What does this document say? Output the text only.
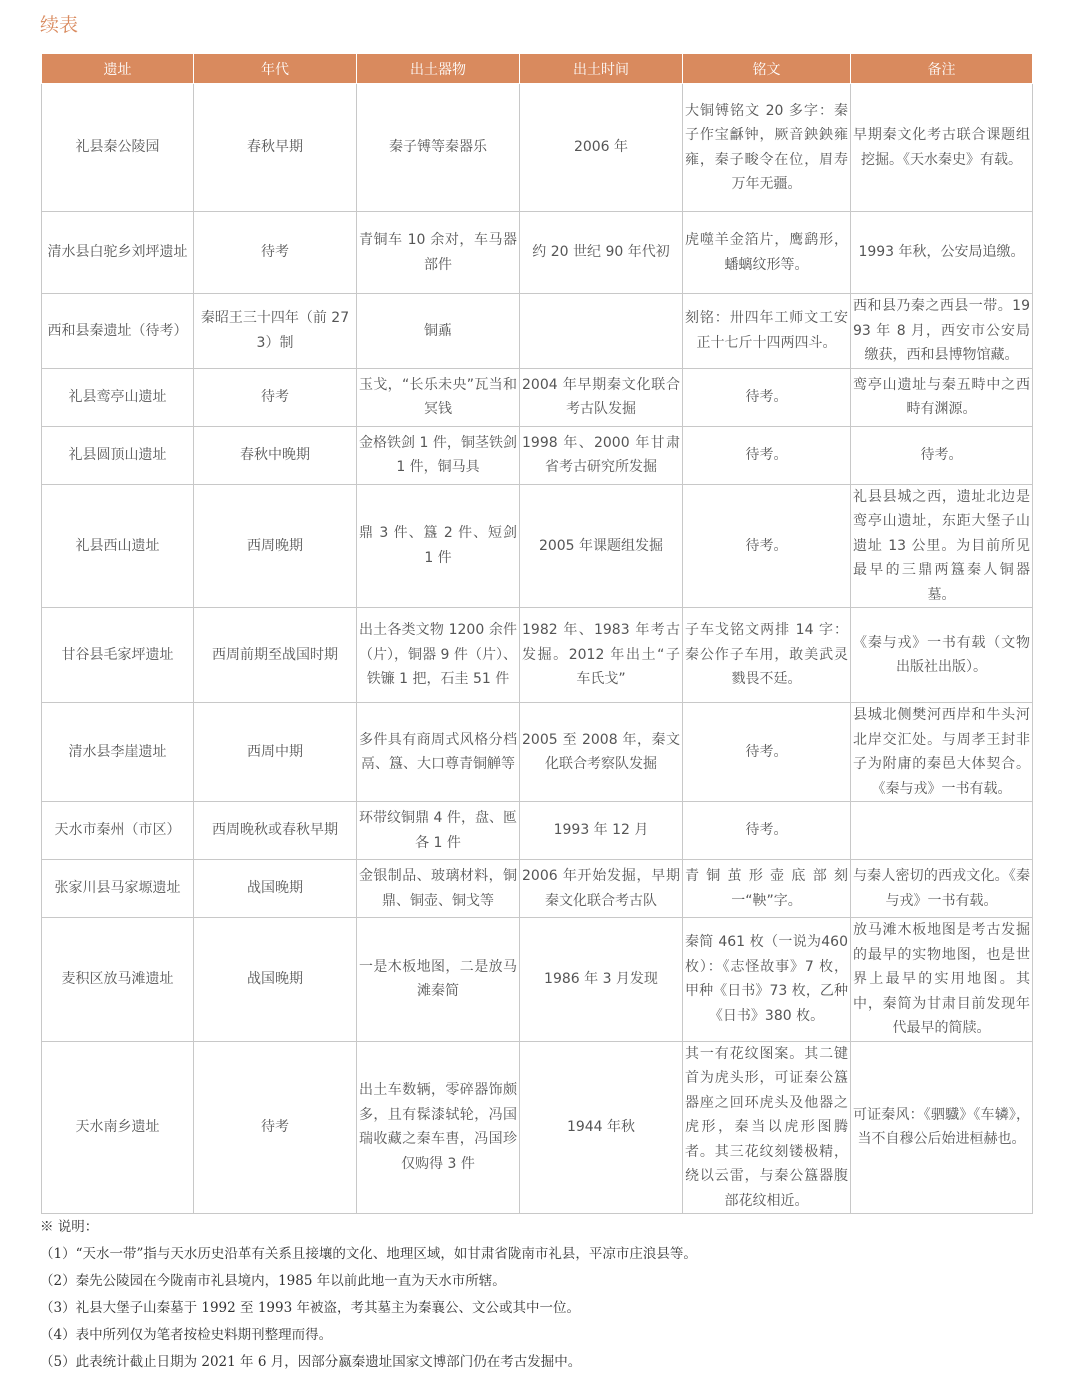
续表
遗址	年代	出土器物	出土时间	铭文	备注
礼县秦公陵园	春秋早期	秦子镈等秦器乐	2006 年	大铜镈铭文 20 多字：秦子作宝龢钟，厥音鉠鉠雍雍，秦子畯令在位，眉寿万年无疆。	早期秦文化考古联合课题组挖掘。《天水秦史》有载。
清水县白驼乡刘坪遗址	待考	青铜车 10 余对，车马器部件	约 20 世纪 90 年代初	虎噬羊金箔片，鹰鹞形，蟠螭纹形等。	1993 年秋，公安局追缴。
西和县秦遗址（待考）	秦昭王三十四年（前 273）制	铜鼒		刻铭：卅四年工师文工安正十七斤十四两四斗。	西和县乃秦之西县一带。1993 年 8 月，西安市公安局缴获，西和县博物馆藏。
礼县鸾亭山遗址	待考	玉戈，“长乐未央”瓦当和冥钱	2004 年早期秦文化联合考古队发掘	待考。	鸾亭山遗址与秦五畤中之西畤有渊源。
礼县圆顶山遗址	春秋中晚期	金格铁剑 1 件，铜茎铁剑 1 件，铜马具	1998 年、2000 年甘肃省考古研究所发掘	待考。	待考。
礼县西山遗址	西周晚期	鼎 3 件、簋 2 件、短剑 1 件	2005 年课题组发掘	待考。	礼县县城之西，遗址北边是鸾亭山遗址，东距大堡子山遗址 13 公里。为目前所见最早的三鼎两簋秦人铜器墓。
甘谷县毛家坪遗址	西周前期至战国时期	出土各类文物 1200 余件（片），铜器 9 件（片）、铁镰 1 把，石圭 51 件	1982 年、1983 年考古发掘。2012 年出土“子车氏戈”	子车戈铭文两排 14 字：秦公作子车用，敢美武灵戮畏不廷。	《秦与戎》一书有载（文物出版社出版）。
清水县李崖遗址	西周中期	多件具有商周式风格分档鬲、簋、大口尊青铜觯等	2005 至 2008 年，秦文化联合考察队发掘	待考。	县城北侧樊河西岸和牛头河北岸交汇处。与周孝王封非子为附庸的秦邑大体契合。《秦与戎》一书有载。
天水市秦州（市区）	西周晚秋或春秋早期	环带纹铜鼎 4 件，盘、匜各 1 件	1993 年 12 月	待考。	
张家川县马家塬遗址	战国晚期	金银制品、玻璃材料，铜鼎、铜壶、铜戈等	2006 年开始发掘，早期秦文化联合考古队	青铜茧形壶底部刻一“鞅”字。	与秦人密切的西戎文化。《秦与戎》一书有载。
麦积区放马滩遗址	战国晚期	一是木板地图，二是放马滩秦简	1986 年 3 月发现	秦简 461 枚（一说为460 枚）：《志怪故事》7 枚，甲种《日书》73 枚，乙种《日书》380 枚。	放马滩木板地图是考古发掘的最早的实物地图，也是世界上最早的实用地图。其中，秦简为甘肃目前发现年代最早的简牍。
天水南乡遗址	待考	出土车数辆，零碎器饰颇多，且有髹漆轼轮，冯国瑞收藏之秦车軎，冯国珍仅购得 3 件	1944 年秋	其一有花纹图案。其二键首为虎头形，可证秦公簋器座之回环虎头及他器之虎形，秦当以虎形图腾者。其三花纹刻镂极精，绕以云雷，与秦公簋器腹部花纹相近。	可证秦风：《驷驖》《车辚》，当不自穆公后始进桓赫也。
※ 说明：
（1）“天水一带”指与天水历史沿革有关系且接壤的文化、地理区域，如甘肃省陇南市礼县，平凉市庄浪县等。
（2）秦先公陵园在今陇南市礼县境内，1985 年以前此地一直为天水市所辖。
（3）礼县大堡子山秦墓于 1992 至 1993 年被盗，考其墓主为秦襄公、文公或其中一位。
（4）表中所列仅为笔者按检史料期刊整理而得。
（5）此表统计截止日期为 2021 年 6 月，因部分嬴秦遗址国家文博部门仍在考古发掘中。
